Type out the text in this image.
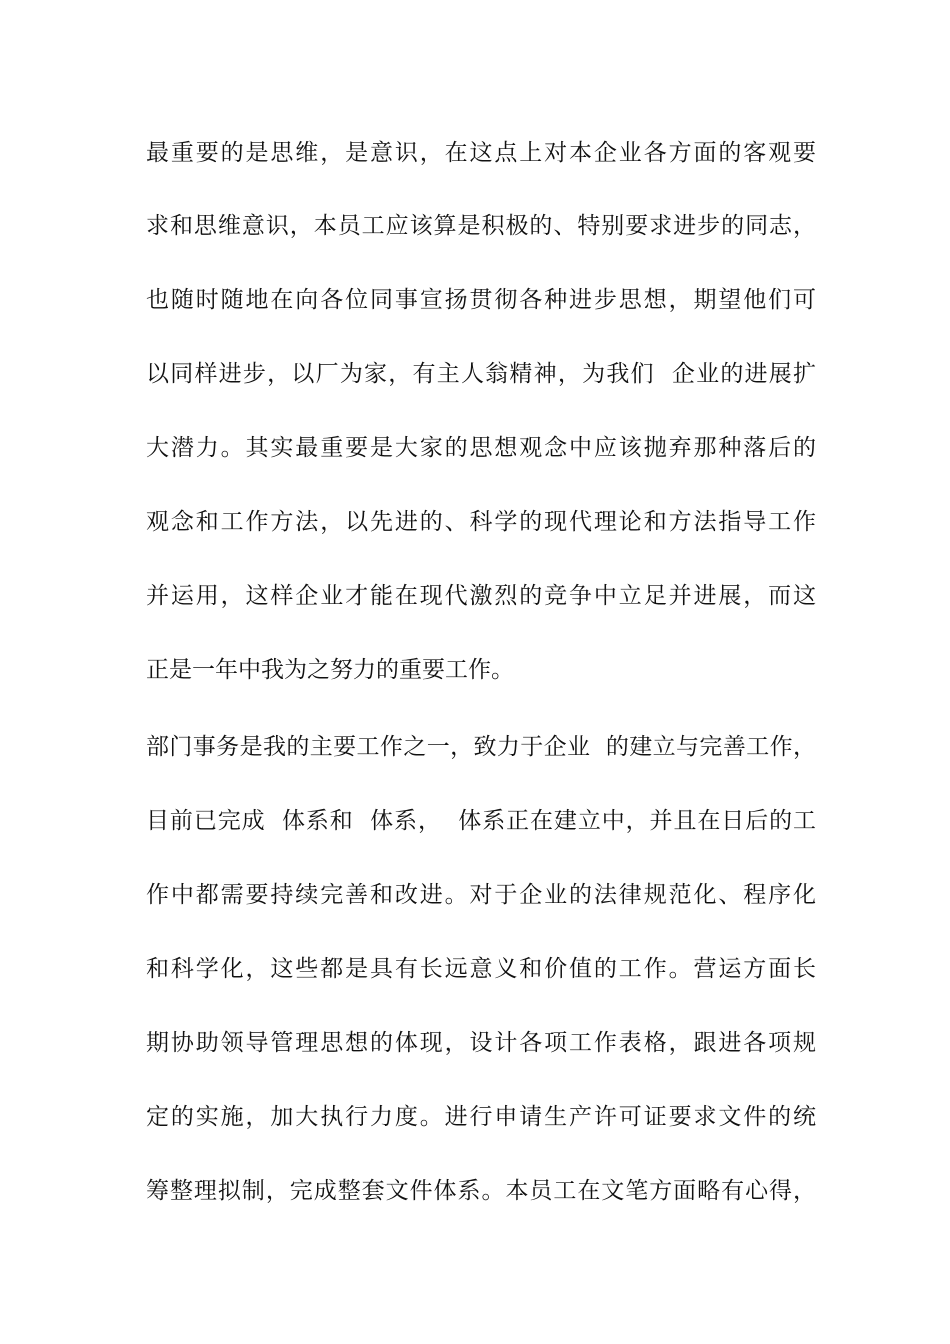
最重要的是思维，是意识，在这点上对本企业各方面的客观要
求和思维意识，本员工应该算是积极的、特别要求进步的同志，
也随时随地在向各位同事宣扬贯彻各种进步思想，期望他们可
以同样进步，以厂为家，有主人翁精神，为我们  企业的进展扩
大潜力。其实最重要是大家的思想观念中应该抛弃那种落后的
观念和工作方法，以先进的、科学的现代理论和方法指导工作
并运用，这样企业才能在现代激烈的竞争中立足并进展，而这
正是一年中我为之努力的重要工作。
部门事务是我的主要工作之一，致力于企业  的建立与完善工作，
目前已完成  体系和  体系，  体系正在建立中，并且在日后的工
作中都需要持续完善和改进。对于企业的法律规范化、程序化
和科学化，这些都是具有长远意义和价值的工作。营运方面长
期协助领导管理思想的体现，设计各项工作表格，跟进各项规
定的实施，加大执行力度。进行申请生产许可证要求文件的统
筹整理拟制，完成整套文件体系。本员工在文笔方面略有心得，
